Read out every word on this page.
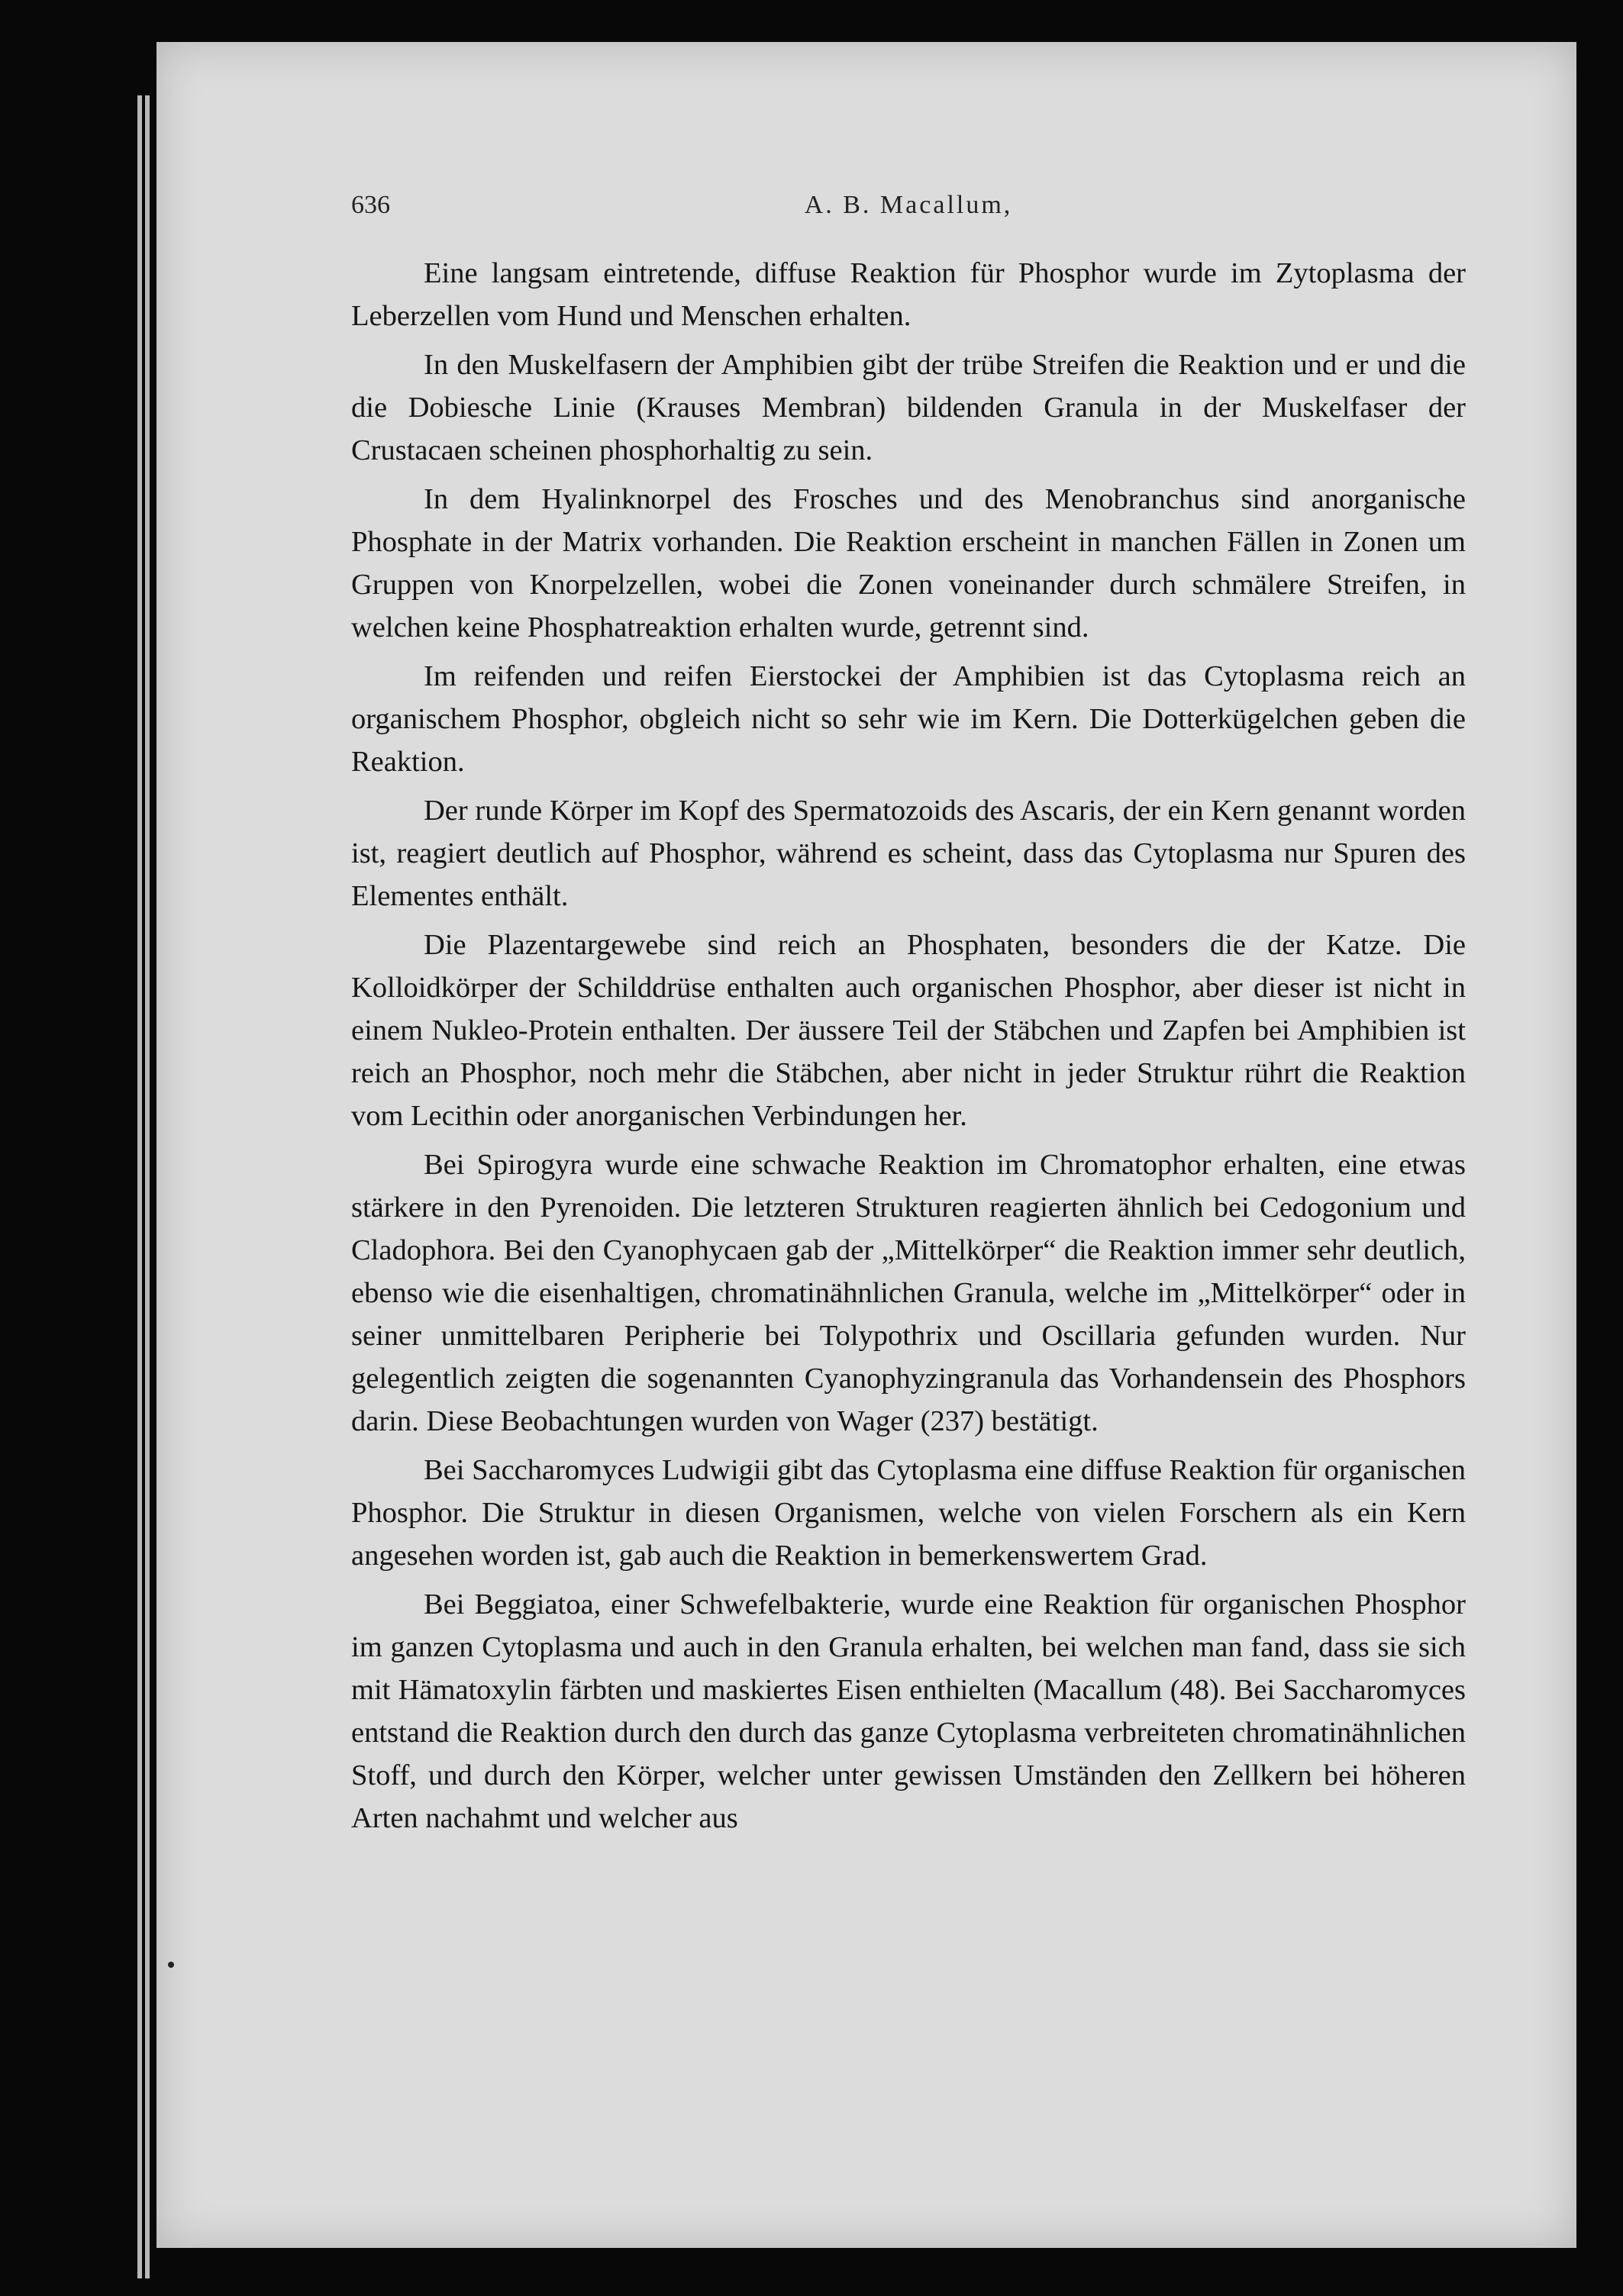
636	A. B. Macallum,

Eine langsam eintretende, diffuse Reaktion für Phosphor wurde im Zytoplasma der Leberzellen vom Hund und Menschen erhalten.

In den Muskelfasern der Amphibien gibt der trübe Streifen die Reaktion und er und die die Dobiesche Linie (Krauses Membran) bildenden Granula in der Muskelfaser der Crustacaen scheinen phosphorhaltig zu sein.

In dem Hyalinknorpel des Frosches und des Menobranchus sind anorganische Phosphate in der Matrix vorhanden. Die Reaktion erscheint in manchen Fällen in Zonen um Gruppen von Knorpelzellen, wobei die Zonen voneinander durch schmälere Streifen, in welchen keine Phosphatreaktion erhalten wurde, getrennt sind.

Im reifenden und reifen Eierstockei der Amphibien ist das Cytoplasma reich an organischem Phosphor, obgleich nicht so sehr wie im Kern. Die Dotterkügelchen geben die Reaktion.

Der runde Körper im Kopf des Spermatozoids des Ascaris, der ein Kern genannt worden ist, reagiert deutlich auf Phosphor, während es scheint, dass das Cytoplasma nur Spuren des Elementes enthält.

Die Plazentargewebe sind reich an Phosphaten, besonders die der Katze. Die Kolloidkörper der Schilddrüse enthalten auch organischen Phosphor, aber dieser ist nicht in einem Nukleo-Protein enthalten. Der äussere Teil der Stäbchen und Zapfen bei Amphibien ist reich an Phosphor, noch mehr die Stäbchen, aber nicht in jeder Struktur rührt die Reaktion vom Lecithin oder anorganischen Verbindungen her.

Bei Spirogyra wurde eine schwache Reaktion im Chromatophor erhalten, eine etwas stärkere in den Pyrenoiden. Die letzteren Strukturen reagierten ähnlich bei Cedogonium und Cladophora. Bei den Cyanophycaen gab der „Mittelkörper“ die Reaktion immer sehr deutlich, ebenso wie die eisenhaltigen, chromatinähnlichen Granula, welche im „Mittelkörper“ oder in seiner unmittelbaren Peripherie bei Tolypothrix und Oscillaria gefunden wurden. Nur gelegentlich zeigten die sogenannten Cyanophyzingranula das Vorhandensein des Phosphors darin. Diese Beobachtungen wurden von Wager (237) bestätigt.

Bei Saccharomyces Ludwigii gibt das Cytoplasma eine diffuse Reaktion für organischen Phosphor. Die Struktur in diesen Organismen, welche von vielen Forschern als ein Kern angesehen worden ist, gab auch die Reaktion in bemerkenswertem Grad.

Bei Beggiatoa, einer Schwefelbakterie, wurde eine Reaktion für organischen Phosphor im ganzen Cytoplasma und auch in den Granula erhalten, bei welchen man fand, dass sie sich mit Hämatoxylin färbten und maskiertes Eisen enthielten (Macallum (48). Bei Saccharomyces entstand die Reaktion durch den durch das ganze Cytoplasma verbreiteten chromatinähnlichen Stoff, und durch den Körper, welcher unter gewissen Umständen den Zellkern bei höheren Arten nachahmt und welcher aus
